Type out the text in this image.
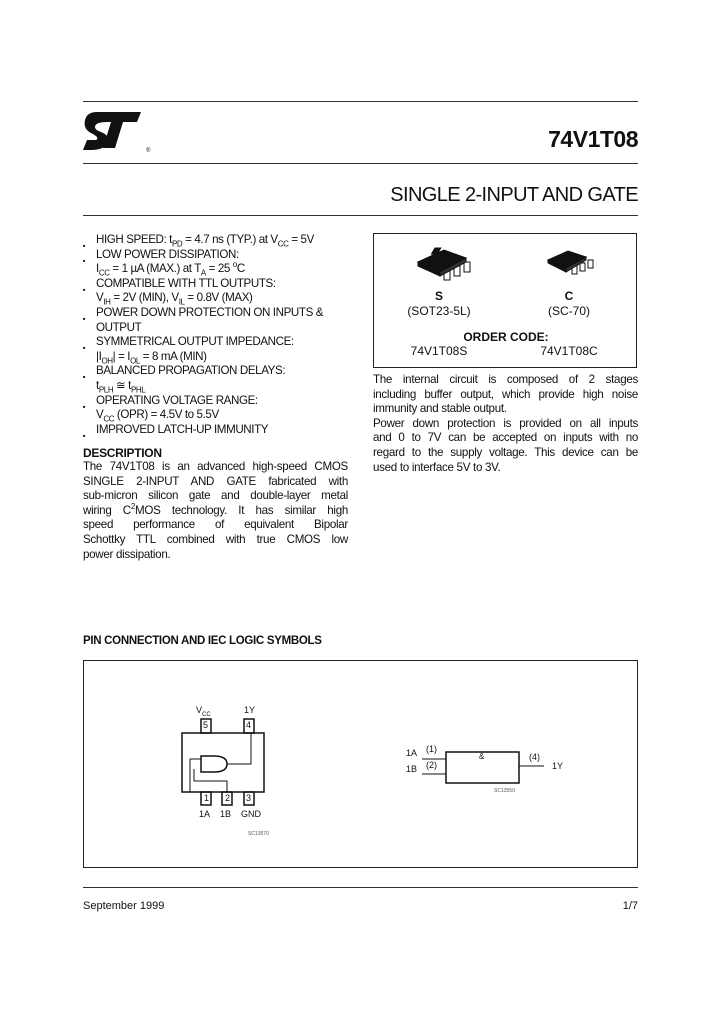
®	74V1T08
SINGLE 2-INPUT AND GATE
■ HIGH SPEED: $t_{PD} = 4.7$ ns (TYP.) at $V_{CC} = 5V$
■ LOW POWER DISSIPATION:
$I_{CC} = 1$ µA (MAX.) at $T_A = 25$ $^o$C
■ COMPATIBLE WITH TTL OUTPUTS:
$V_{IH} = 2V$ (MIN), $V_{IL} = 0.8V$ (MAX)
■ POWER DOWN PROTECTION ON INPUTS &
OUTPUT
■ SYMMETRICAL OUTPUT IMPEDANCE:
$|I_{OH}| = I_{OL} = 8$ mA (MIN)
■ BALANCED PROPAGATION DELAYS:
$t_{PLH}$ ≅ $t_{PHL}$
■ OPERATING VOLTAGE RANGE:
$V_{CC}$ (OPR) = 4.5V to 5.5V
■ IMPROVED LATCH-UP IMMUNITY
DESCRIPTION
The 74V1T08 is an advanced high-speed CMOS
SINGLE 2-INPUT AND GATE fabricated with
sub-micron silicon gate and double-layer metal
wiring $C^2MOS$ technology. It has similar high
speed performance of equivalent Bipolar
Schottky TTL combined with true CMOS low
power dissipation.
S
(SOT23-5L)
C
(SC-70)
ORDER CODE:
74V1T08S	74V1T08C
The internal circuit is composed of 2 stages
including buffer output, which provide high noise
immunity and stable output.
Power down protection is provided on all inputs
and 0 to 7V can be accepted on inputs with no
regard to the supply voltage. This device can be
used to interface 5V to 3V.
PIN CONNECTION AND IEC LOGIC SYMBOLS
$V_{CC}$	1Y
5	4
1 2 3
1A 1B GND
SC13570
1A
1B
(1)
(2)
&	(4)
1Y
SC13550
September 1999	1/7
